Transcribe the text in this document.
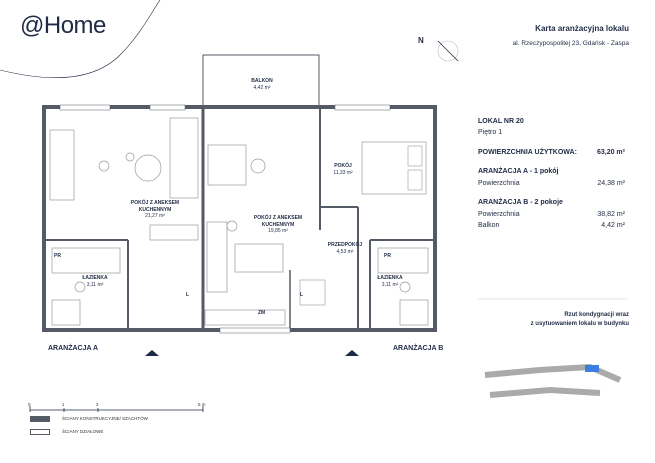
@Home	Karta aranżacyjna lokalu
al. Rzeczypospolitej 23, Gdańsk - Zaspa
N
BALKON
4,42 m²
POKÓJ Z ANEKSEM KUCHENNYM
21,27 m²	POKÓJ Z ANEKSEM KUCHENNYM
19,85 m²
POKÓJ
11,33 m²
PRZEDPOKÓJ
4,53 m²
ŁAZIENKA
3,11 m²
ŁAZIENKA
3,11 m²
PR	PR
ZM
L	L
ARANŻACJA A	ARANŻACJA B
LOKAL NR 20
Piętro 1
POWIERZCHNIA UŻYTKOWA:	63,20 m²
ARANŻACJA A - 1 pokój
Powierzchnia	24,38 m²
ARANŻACJA B - 2 pokoje
Powierzchnia	38,82 m²
Balkon	4,42 m²
Rzut kondygnacji wraz
z usytuowaniem lokalu w budynku
0	1	2	5 m
ŚCIANY KONSTRUKCYJNE/ SZACHTÓW
ŚCIANY DZIAŁOWE
